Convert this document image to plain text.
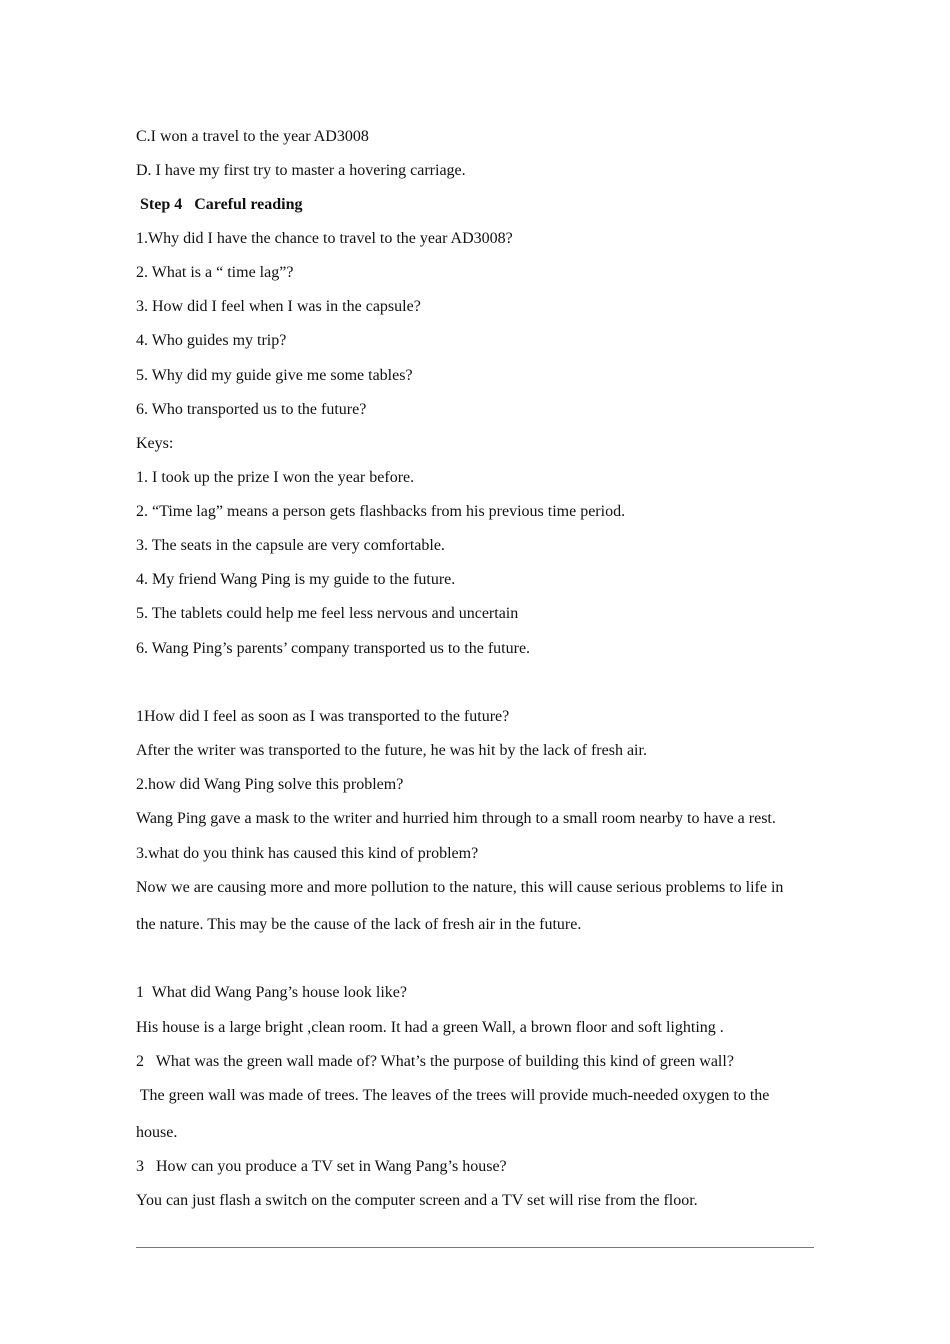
C.I won a travel to the year AD3008
D. I have my first try to master a hovering carriage.
Step 4   Careful reading
1.Why did I have the chance to travel to the year AD3008?
2. What is a “ time lag”?
3. How did I feel when I was in the capsule?
4. Who guides my trip?
5. Why did my guide give me some tables?
6. Who transported us to the future?
Keys:
1. I took up the prize I won the year before.
2. “Time lag” means a person gets flashbacks from his previous time period.
3. The seats in the capsule are very comfortable.
4. My friend Wang Ping is my guide to the future.
5. The tablets could help me feel less nervous and uncertain
6. Wang Ping’s parents’ company transported us to the future.
1How did I feel as soon as I was transported to the future?
After the writer was transported to the future, he was hit by the lack of fresh air.
2.how did Wang Ping solve this problem?
Wang Ping gave a mask to the writer and hurried him through to a small room nearby to have a rest.
3.what do you think has caused this kind of problem?
Now we are causing more and more pollution to the nature, this will cause serious problems to life in
the nature. This may be the cause of the lack of fresh air in the future.
1  What did Wang Pang’s house look like?
His house is a large bright ,clean room. It had a green Wall, a brown floor and soft lighting .
2   What was the green wall made of? What’s the purpose of building this kind of green wall?
The green wall was made of trees. The leaves of the trees will provide much-needed oxygen to the
house.
3   How can you produce a TV set in Wang Pang’s house?
You can just flash a switch on the computer screen and a TV set will rise from the floor.
